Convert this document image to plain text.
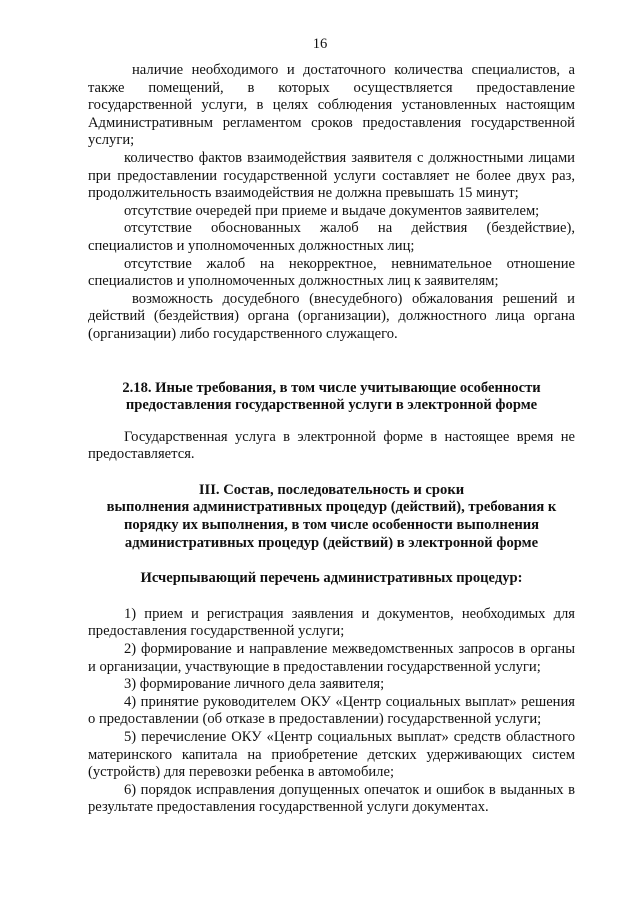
16

наличие необходимого и достаточного количества специалистов, а также помещений, в которых осуществляется предоставление государственной услуги, в целях соблюдения установленных настоящим Административным регламентом сроков предоставления государственной услуги;

количество фактов взаимодействия заявителя с должностными лицами при предоставлении государственной услуги составляет не более двух раз, продолжительность взаимодействия не должна превышать 15 минут;

отсутствие очередей при приеме и выдаче документов заявителем;

отсутствие обоснованных жалоб на действия (бездействие), специалистов и уполномоченных должностных лиц;

отсутствие жалоб на некорректное, невнимательное отношение специалистов и уполномоченных должностных лиц к заявителям;

возможность досудебного (внесудебного) обжалования решений и действий (бездействия) органа (организации), должностного лица органа (организации) либо государственного служащего.

2.18. Иные требования, в том числе учитывающие особенности
предоставления государственной услуги в электронной форме

Государственная услуга в электронной форме в настоящее время не предоставляется.

III. Состав, последовательность и сроки
выполнения административных процедур (действий), требования к
порядку их выполнения, в том числе особенности выполнения
административных процедур (действий) в электронной форме
Исчерпывающий перечень административных процедур:

1) прием и регистрация заявления и документов, необходимых для предоставления государственной услуги;

2) формирование и направление межведомственных запросов в органы и организации, участвующие в предоставлении государственной услуги;

3) формирование личного дела заявителя;

4) принятие руководителем ОКУ «Центр социальных выплат» решения о предоставлении (об отказе в предоставлении) государственной услуги;

5) перечисление ОКУ «Центр социальных выплат» средств областного материнского капитала на приобретение детских удерживающих систем (устройств) для перевозки ребенка в автомобиле;

6) порядок исправления допущенных опечаток и ошибок в выданных в результате предоставления государственной услуги документах.
